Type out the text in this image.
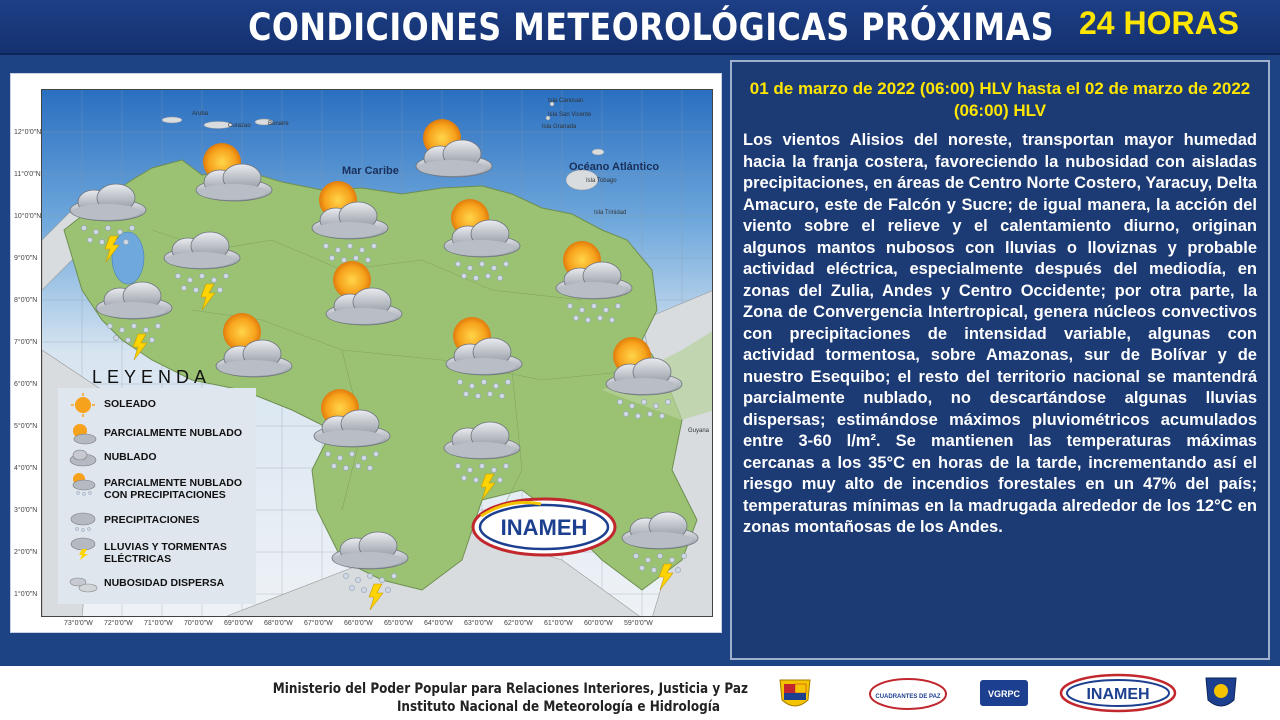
CONDICIONES METEOROLÓGICAS PRÓXIMAS 24 HORAS
Mar Caribe	Océano Atlántico
Aruba
Curazao	Bonaire
Isla Canouan
Isla San Vicente
Isla Granada
Isla Tobago
Isla Trinidad
Guyana
12°0'0"N
11°0'0"N
10°0'0"N
9°0'0"N
8°0'0"N
7°0'0"N
6°0'0"N
5°0'0"N
4°0'0"N
3°0'0"N
2°0'0"N
1°0'0"N
73°0'0"W 72°0'0"W 71°0'0"W 70°0'0"W 69°0'0"W 68°0'0"W 67°0'0"W 66°0'0"W 65°0'0"W 64°0'0"W 63°0'0"W 62°0'0"W 61°0'0"W 60°0'0"W 59°0'0"W
INAMEH
LEYENDA
SOLEADO
PARCIALMENTE NUBLADO
NUBLADO
PARCIALMENTE NUBLADO CON PRECIPITACIONES
PRECIPITACIONES
LLUVIAS Y TORMENTAS ELÉCTRICAS
NUBOSIDAD DISPERSA
01 de marzo de 2022 (06:00) HLV hasta el 02 de marzo de 2022 (06:00) HLV
Los vientos Alisios del noreste, transportan mayor humedad hacia la franja costera, favoreciendo la nubosidad con aisladas precipitaciones, en áreas de Centro Norte Costero, Yaracuy, Delta Amacuro, este de Falcón y Sucre; de igual manera, la acción del viento sobre el relieve y el calentamiento diurno, originan algunos mantos nubosos con lluvias o lloviznas y probable actividad eléctrica, especialmente después del mediodía, en zonas del Zulia, Andes y Centro Occidente; por otra parte, la Zona de Convergencia Intertropical, genera núcleos convectivos con precipitaciones de intensidad variable, algunas con actividad tormentosa, sobre Amazonas, sur de Bolívar y de nuestro Esequibo; el resto del territorio nacional se mantendrá parcialmente nublado, no descartándose algunas lluvias dispersas; estimándose máximos pluviométricos acumulados entre 3-60 l/m². Se mantienen las temperaturas máximas cercanas a los 35°C en horas de la tarde, incrementando así el riesgo muy alto de incendios forestales en un 47% del país; temperaturas mínimas en la madrugada alrededor de los 12°C en zonas montañosas de los Andes.
Ministerio del Poder Popular para Relaciones Interiores, Justicia y Paz
Instituto Nacional de Meteorología e Hidrología
CUADRANTES DE PAZ	VGRPC	INAMEH
